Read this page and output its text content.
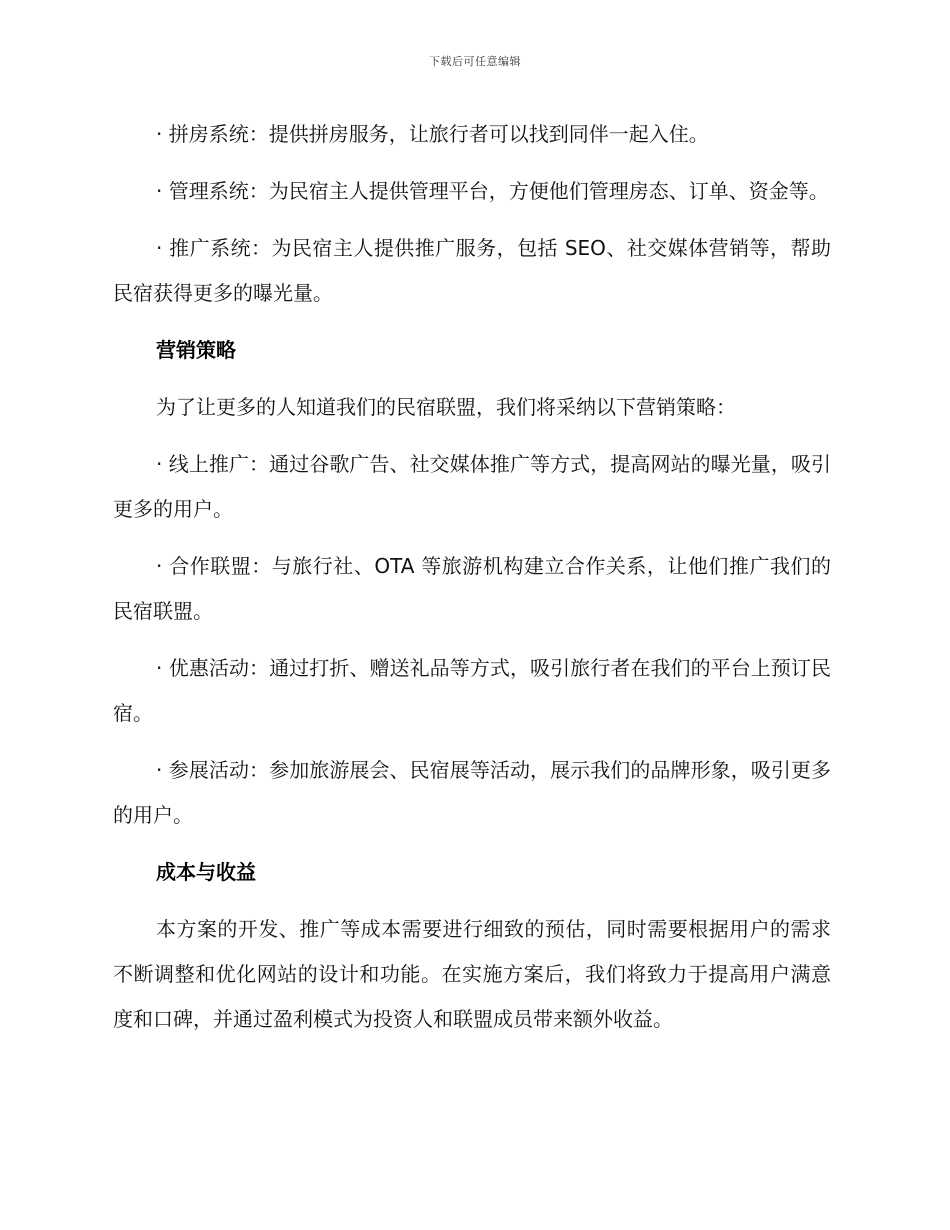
下载后可任意编辑

· 拼房系统：提供拼房服务，让旅行者可以找到同伴一起入住。

· 管理系统：为民宿主人提供管理平台，方便他们管理房态、订单、资金等。

· 推广系统：为民宿主人提供推广服务，包括 SEO、社交媒体营销等，帮助民宿获得更多的曝光量。

营销策略

为了让更多的人知道我们的民宿联盟，我们将采纳以下营销策略：

· 线上推广：通过谷歌广告、社交媒体推广等方式，提高网站的曝光量，吸引更多的用户。

· 合作联盟：与旅行社、OTA 等旅游机构建立合作关系，让他们推广我们的民宿联盟。

· 优惠活动：通过打折、赠送礼品等方式，吸引旅行者在我们的平台上预订民宿。

· 参展活动：参加旅游展会、民宿展等活动，展示我们的品牌形象，吸引更多的用户。

成本与收益

本方案的开发、推广等成本需要进行细致的预估，同时需要根据用户的需求不断调整和优化网站的设计和功能。在实施方案后，我们将致力于提高用户满意度和口碑，并通过盈利模式为投资人和联盟成员带来额外收益。
